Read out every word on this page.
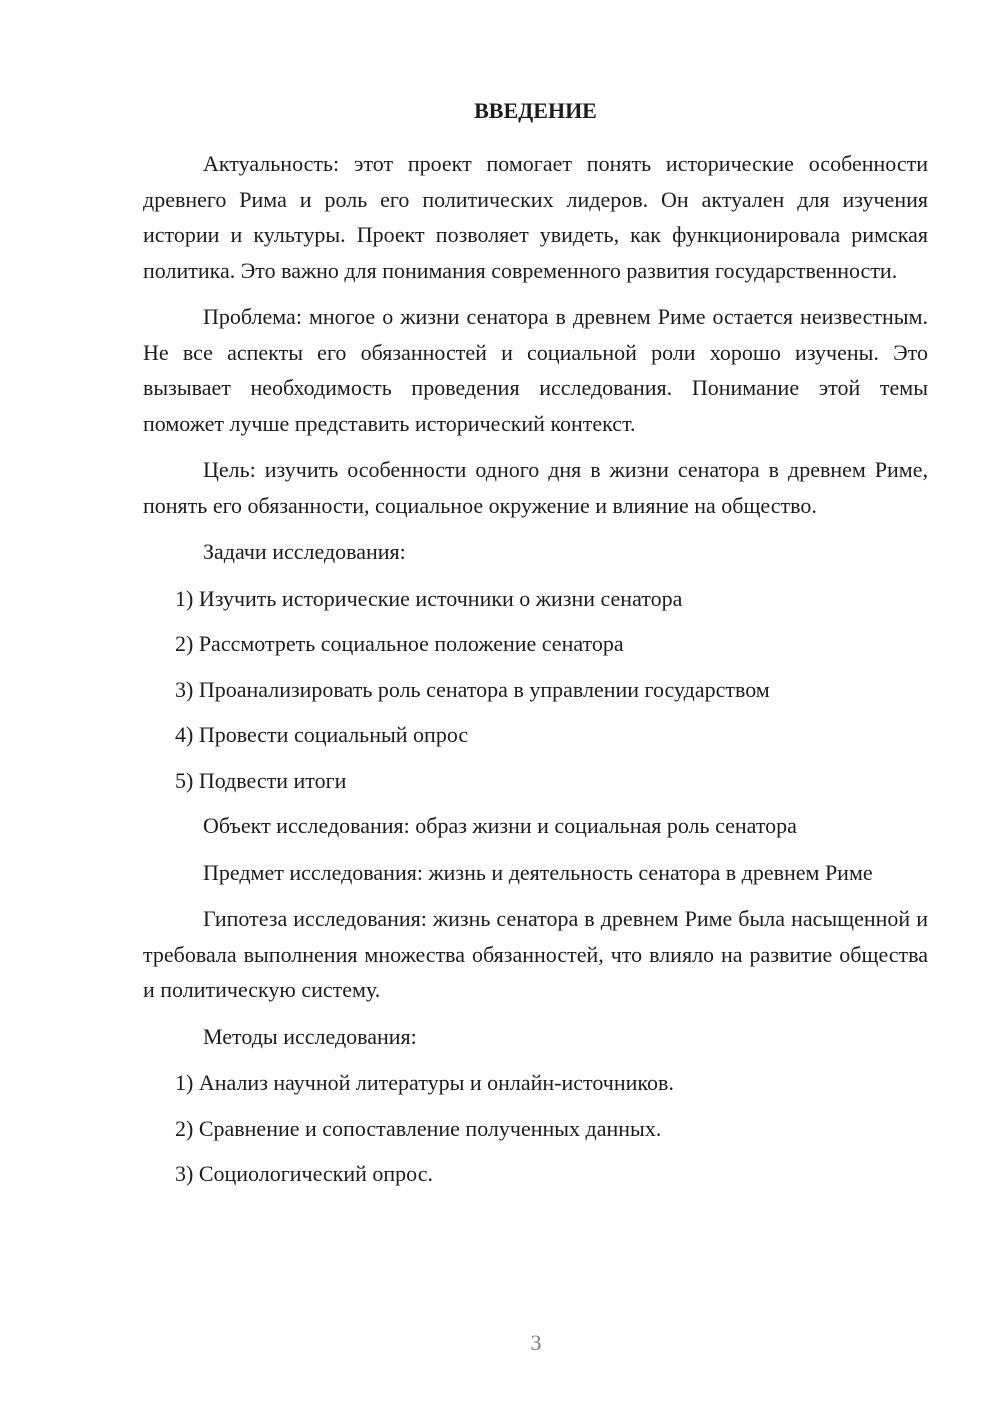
ВВЕДЕНИЕ

Актуальность: этот проект помогает понять исторические особенности древнего Рима и роль его политических лидеров. Он актуален для изучения истории и культуры. Проект позволяет увидеть, как функционировала римская политика. Это важно для понимания современного развития государственности.

Проблема: многое о жизни сенатора в древнем Риме остается неизвестным. Не все аспекты его обязанностей и социальной роли хорошо изучены. Это вызывает необходимость проведения исследования. Понимание этой темы поможет лучше представить исторический контекст.

Цель: изучить особенности одного дня в жизни сенатора в древнем Риме, понять его обязанности, социальное окружение и влияние на общество.

Задачи исследования:

1) Изучить исторические источники о жизни сенатора
2) Рассмотреть социальное положение сенатора
3) Проанализировать роль сенатора в управлении государством
4) Провести социальный опрос
5) Подвести итоги

Объект исследования: образ жизни и социальная роль сенатора

Предмет исследования: жизнь и деятельность сенатора в древнем Риме

Гипотеза исследования: жизнь сенатора в древнем Риме была насыщенной и требовала выполнения множества обязанностей, что влияло на развитие общества и политическую систему.

Методы исследования:

1) Анализ научной литературы и онлайн-источников.
2) Сравнение и сопоставление полученных данных.
3) Социологический опрос.
3
